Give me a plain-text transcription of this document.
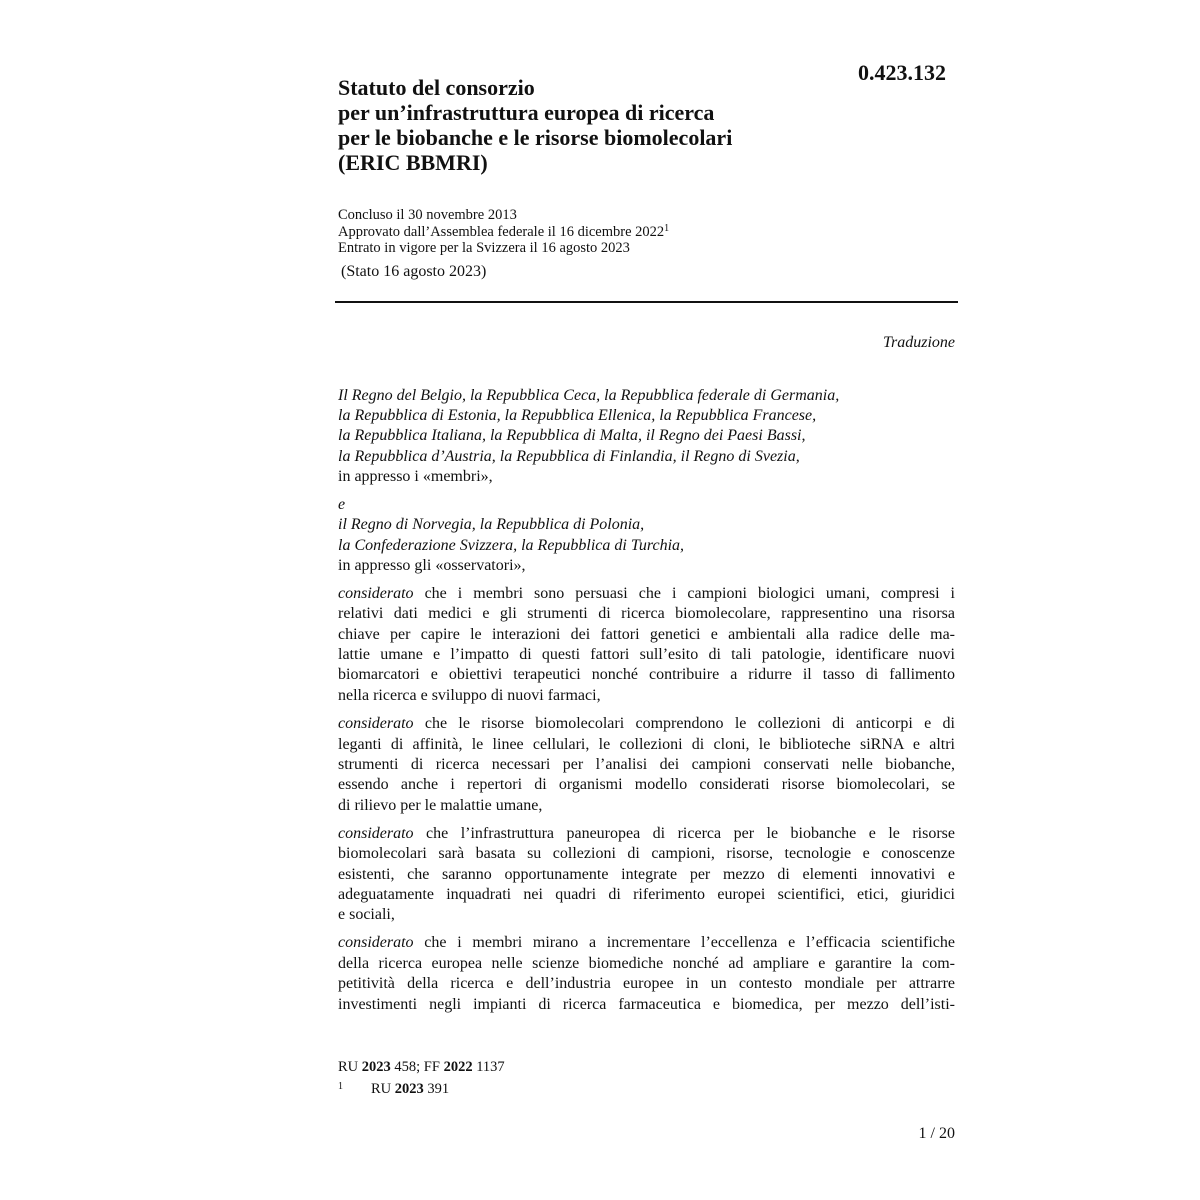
0.423.132
Statuto del consorzio
per un’infrastruttura europea di ricerca
per le biobanche e le risorse biomolecolari
(ERIC BBMRI)
Concluso il 30 novembre 2013
Approvato dall’Assemblea federale il 16 dicembre 2022$^1$
Entrato in vigore per la Svizzera il 16 agosto 2023
(Stato 16 agosto 2023)
Traduzione
Il Regno del Belgio, la Repubblica Ceca, la Repubblica federale di Germania,
la Repubblica di Estonia, la Repubblica Ellenica, la Repubblica Francese,
la Repubblica Italiana, la Repubblica di Malta, il Regno dei Paesi Bassi,
la Repubblica d’Austria, la Repubblica di Finlandia, il Regno di Svezia,
in appresso i «membri»,
e
il Regno di Norvegia, la Repubblica di Polonia,
la Confederazione Svizzera, la Repubblica di Turchia,
in appresso gli «osservatori»,
considerato che i membri sono persuasi che i campioni biologici umani, compresi i
relativi dati medici e gli strumenti di ricerca biomolecolare, rappresentino una risorsa
chiave per capire le interazioni dei fattori genetici e ambientali alla radice delle ma-
lattie umane e l’impatto di questi fattori sull’esito di tali patologie, identificare nuovi
biomarcatori e obiettivi terapeutici nonché contribuire a ridurre il tasso di fallimento
nella ricerca e sviluppo di nuovi farmaci,
considerato che le risorse biomolecolari comprendono le collezioni di anticorpi e di
leganti di affinità, le linee cellulari, le collezioni di cloni, le biblioteche siRNA e altri
strumenti di ricerca necessari per l’analisi dei campioni conservati nelle biobanche,
essendo anche i repertori di organismi modello considerati risorse biomolecolari, se
di rilievo per le malattie umane,
considerato che l’infrastruttura paneuropea di ricerca per le biobanche e le risorse
biomolecolari sarà basata su collezioni di campioni, risorse, tecnologie e conoscenze
esistenti, che saranno opportunamente integrate per mezzo di elementi innovativi e
adeguatamente inquadrati nei quadri di riferimento europei scientifici, etici, giuridici
e sociali,
considerato che i membri mirano a incrementare l’eccellenza e l’efficacia scientifiche
della ricerca europea nelle scienze biomediche nonché ad ampliare e garantire la com-
petitività della ricerca e dell’industria europee in un contesto mondiale per attrarre
investimenti negli impianti di ricerca farmaceutica e biomedica, per mezzo dell’isti-
RU 2023 458; FF 2022 1137
1 RU 2023 391
1 / 20
